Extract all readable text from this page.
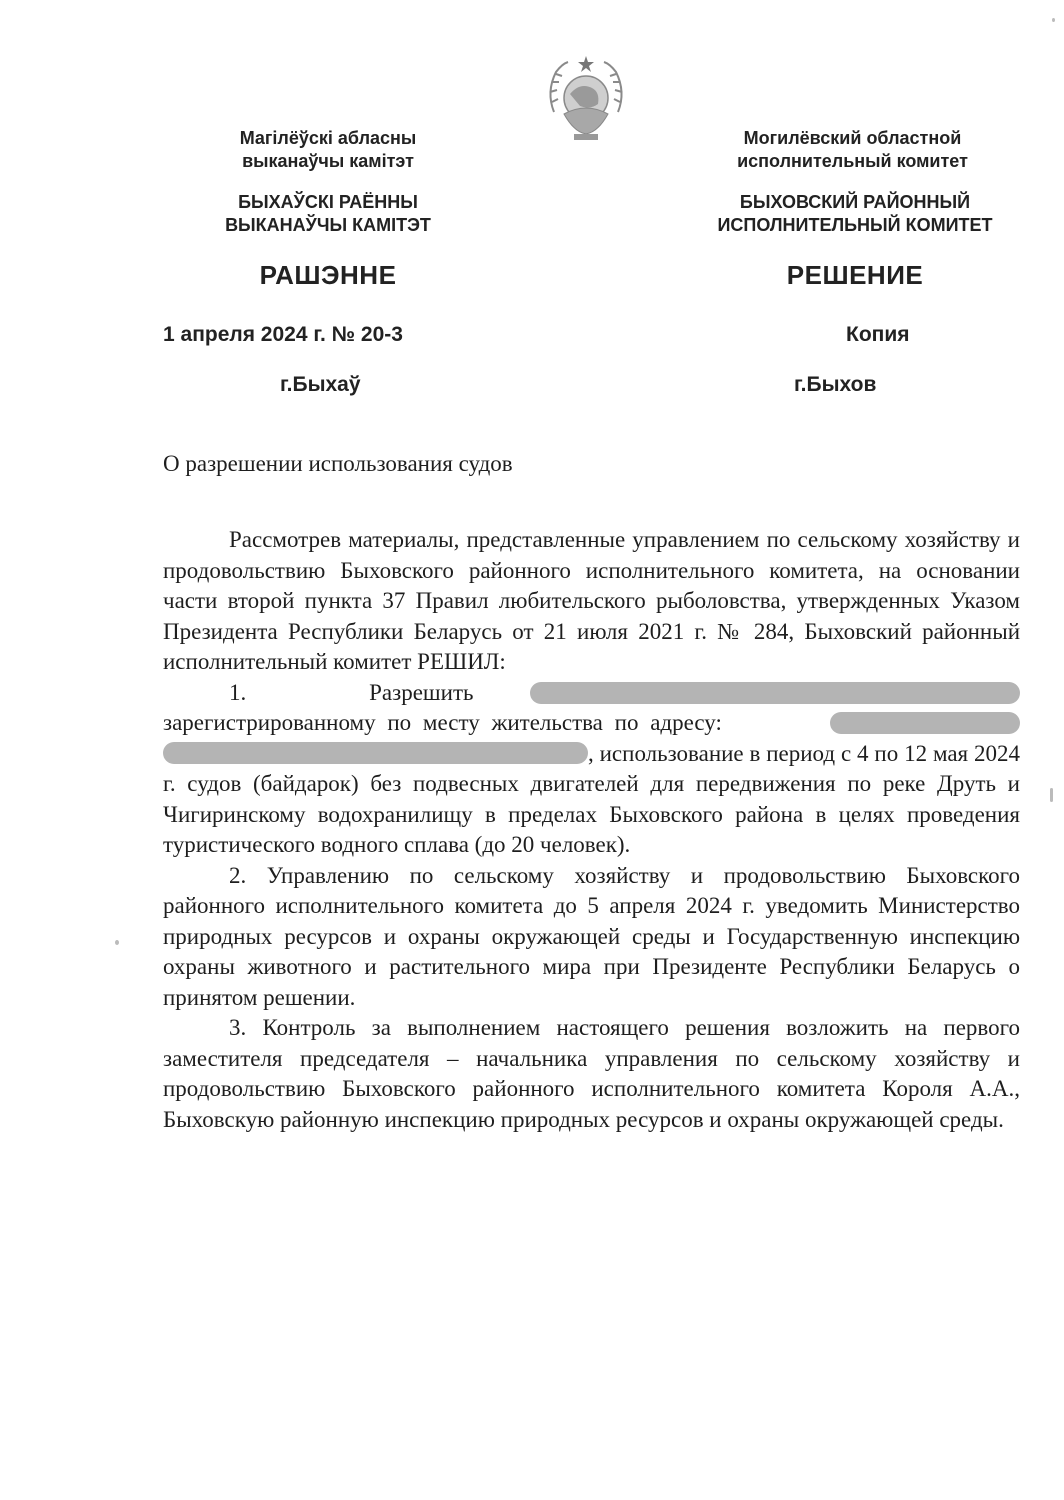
Магілёўскі абласны
выканаўчы камітэт
БЫХАЎСКІ РАЁННЫ
ВЫКАНАЎЧЫ КАМІТЭТ
РАШЭННЕ
1 апреля 2024 г. № 20-3
г.Быхаў
Могилёвский областной
исполнительный комитет
БЫХОВСКИЙ РАЙОННЫЙ
ИСПОЛНИТЕЛЬНЫЙ КОМИТЕТ
РЕШЕНИЕ
Копия
г.Быхов
О разрешении использования судов

Рассмотрев материалы, представленные управлением по сельскому хозяйству и продовольствию Быховского районного исполнительного комитета, на основании части второй пункта 37 Правил любительского рыболовства, утвержденных Указом Президента Республики Беларусь от 21 июля 2021 г. № 284, Быховский районный исполнительный комитет РЕШИЛ:

1.	Разрешить
зарегистрированному по месту жительства по адресу:
, использование в период с 4 по 12 мая 2024 г. судов (байдарок) без подвесных двигателей для передвижения по реке Друть и Чигиринскому водохранилищу в пределах Быховского района в целях проведения туристического водного сплава (до 20 человек).

2. Управлению по сельскому хозяйству и продовольствию Быховского районного исполнительного комитета до 5 апреля 2024 г. уведомить Министерство природных ресурсов и охраны окружающей среды и Государственную инспекцию охраны животного и растительного мира при Президенте Республики Беларусь о принятом решении.

3. Контроль за выполнением настоящего решения возложить на первого заместителя председателя – начальника управления по сельскому хозяйству и продовольствию Быховского районного исполнительного комитета Короля А.А., Быховскую районную инспекцию природных ресурсов и охраны окружающей среды.
